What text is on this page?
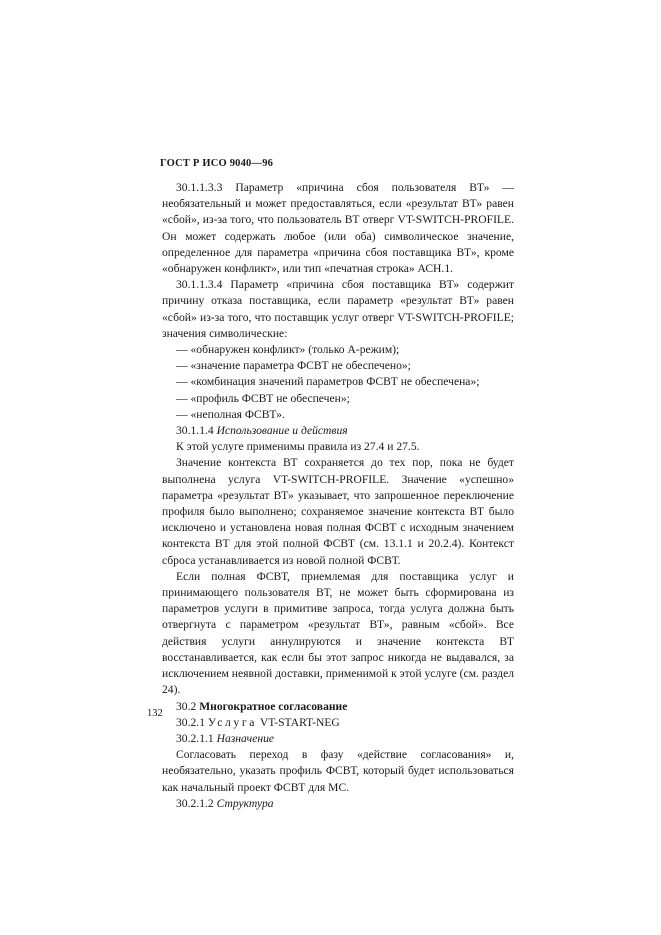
ГОСТ Р ИСО 9040—96

30.1.1.3.3 Параметр «причина сбоя пользователя ВТ» — необязательный и может предоставляться, если «результат ВТ» равен «сбой», из-за того, что пользователь ВТ отверг VT-SWITCH-PROFILE. Он может содержать любое (или оба) символическое значение, определенное для параметра «причина сбоя поставщика ВТ», кроме «обнаружен конфликт», или тип «печатная строка» АСН.1.

30.1.1.3.4 Параметр «причина сбоя поставщика ВТ» содержит причину отказа поставщика, если параметр «результат ВТ» равен «сбой» из-за того, что поставщик услуг отверг VT-SWITCH-PROFILE; значения символические:

— «обнаружен конфликт» (только А-режим);

— «значение параметра ФСВТ не обеспечено»;

— «комбинация значений параметров ФСВТ не обеспечена»;

— «профиль ФСВТ не обеспечен»;

— «неполная ФСВТ».

30.1.1.4 Использование и действия

К этой услуге применимы правила из 27.4 и 27.5.

Значение контекста ВТ сохраняется до тех пор, пока не будет выполнена услуга VT-SWITCH-PROFILE. Значение «успешно» параметра «результат ВТ» указывает, что запрошенное переключение профиля было выполнено; сохраняемое значение контекста ВТ было исключено и установлена новая полная ФСВТ с исходным значением контекста ВТ для этой полной ФСВТ (см. 13.1.1 и 20.2.4). Контекст сброса устанавливается из новой полной ФСВТ.

Если полная ФСВТ, приемлемая для поставщика услуг и принимающего пользователя ВТ, не может быть сформирована из параметров услуги в примитиве запроса, тогда услуга должна быть отвергнута с параметром «результат ВТ», равным «сбой». Все действия услуги аннулируются и значение контекста ВТ восстанавливается, как если бы этот запрос никогда не выдавался, за исключением неявной доставки, применимой к этой услуге (см. раздел 24).

30.2 Многократное согласование

30.2.1 Услуга VT-START-NEG

30.2.1.1 Назначение

Согласовать переход в фазу «действие согласования» и, необязательно, указать профиль ФСВТ, который будет использоваться как начальный проект ФСВТ для МС.

30.2.1.2 Структура

132
